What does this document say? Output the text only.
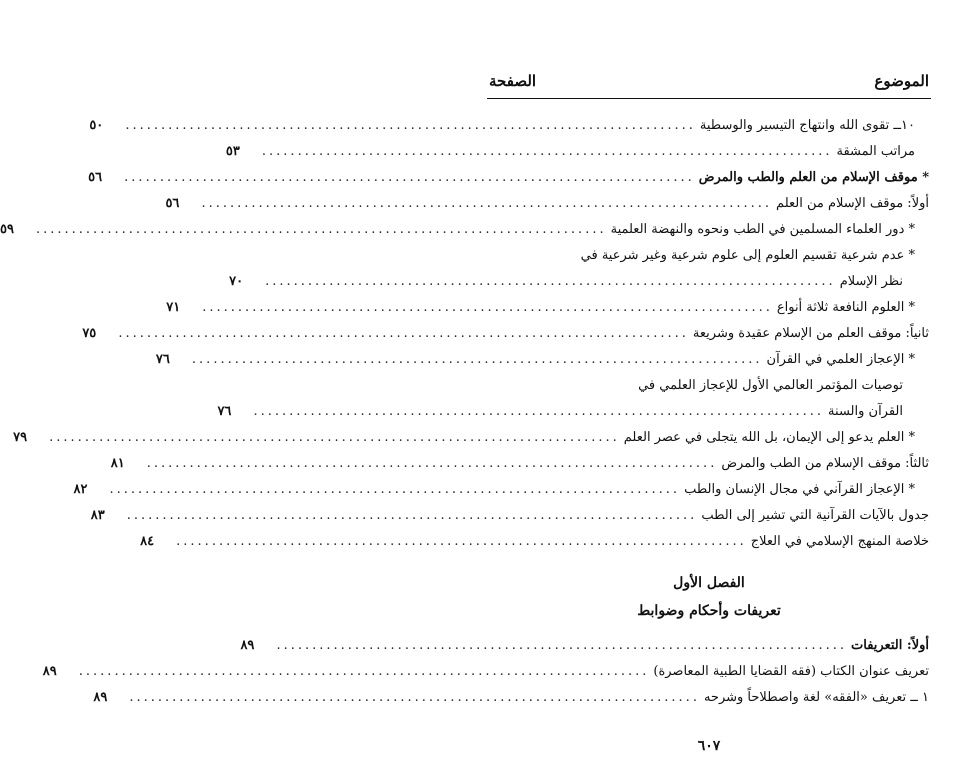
الموضوع
الصفحة
١٠ــ تقوى الله وانتهاج التيسير والوسطية
................................................................................
٥٠
مراتب المشقة
................................................................................
٥٣
* موقف الإسلام من العلم والطب والمرض
................................................................................
٥٦
أولاً: موقف الإسلام من العلم
................................................................................
٥٦
* دور العلماء المسلمين في الطب ونحوه والنهضة العلمية
................................................................................
٥٩
* عدم شرعية تقسيم العلوم إلى علوم شرعية وغير شرعية في
نظر الإسلام
................................................................................
٧٠
* العلوم النافعة ثلاثة أنواع
................................................................................
٧١
ثانياً: موقف العلم من الإسلام عقيدة وشريعة
................................................................................
٧٥
* الإعجاز العلمي في القرآن
................................................................................
٧٦
توصيات المؤتمر العالمي الأول للإعجاز العلمي في
القرآن والسنة
................................................................................
٧٦
* العلم يدعو إلى الإيمان، بل الله يتجلى في عصر العلم
................................................................................
٧٩
ثالثاً: موقف الإسلام من الطب والمرض
................................................................................
٨١
* الإعجاز القرآني في مجال الإنسان والطب
................................................................................
٨٢
جدول بالآيات القرآنية التي تشير إلى الطب
................................................................................
٨٣
خلاصة المنهج الإسلامي في العلاج
................................................................................
٨٤
الفصل الأول
تعريفات وأحكام وضوابط
أولاً: التعريفات
................................................................................
٨٩
تعريف عنوان الكتاب (فقه القضايا الطبية المعاصرة)
................................................................................
٨٩
١ ــ تعريف «الفقه» لغة واصطلاحاً وشرحه
................................................................................
٨٩
٦٠٧
